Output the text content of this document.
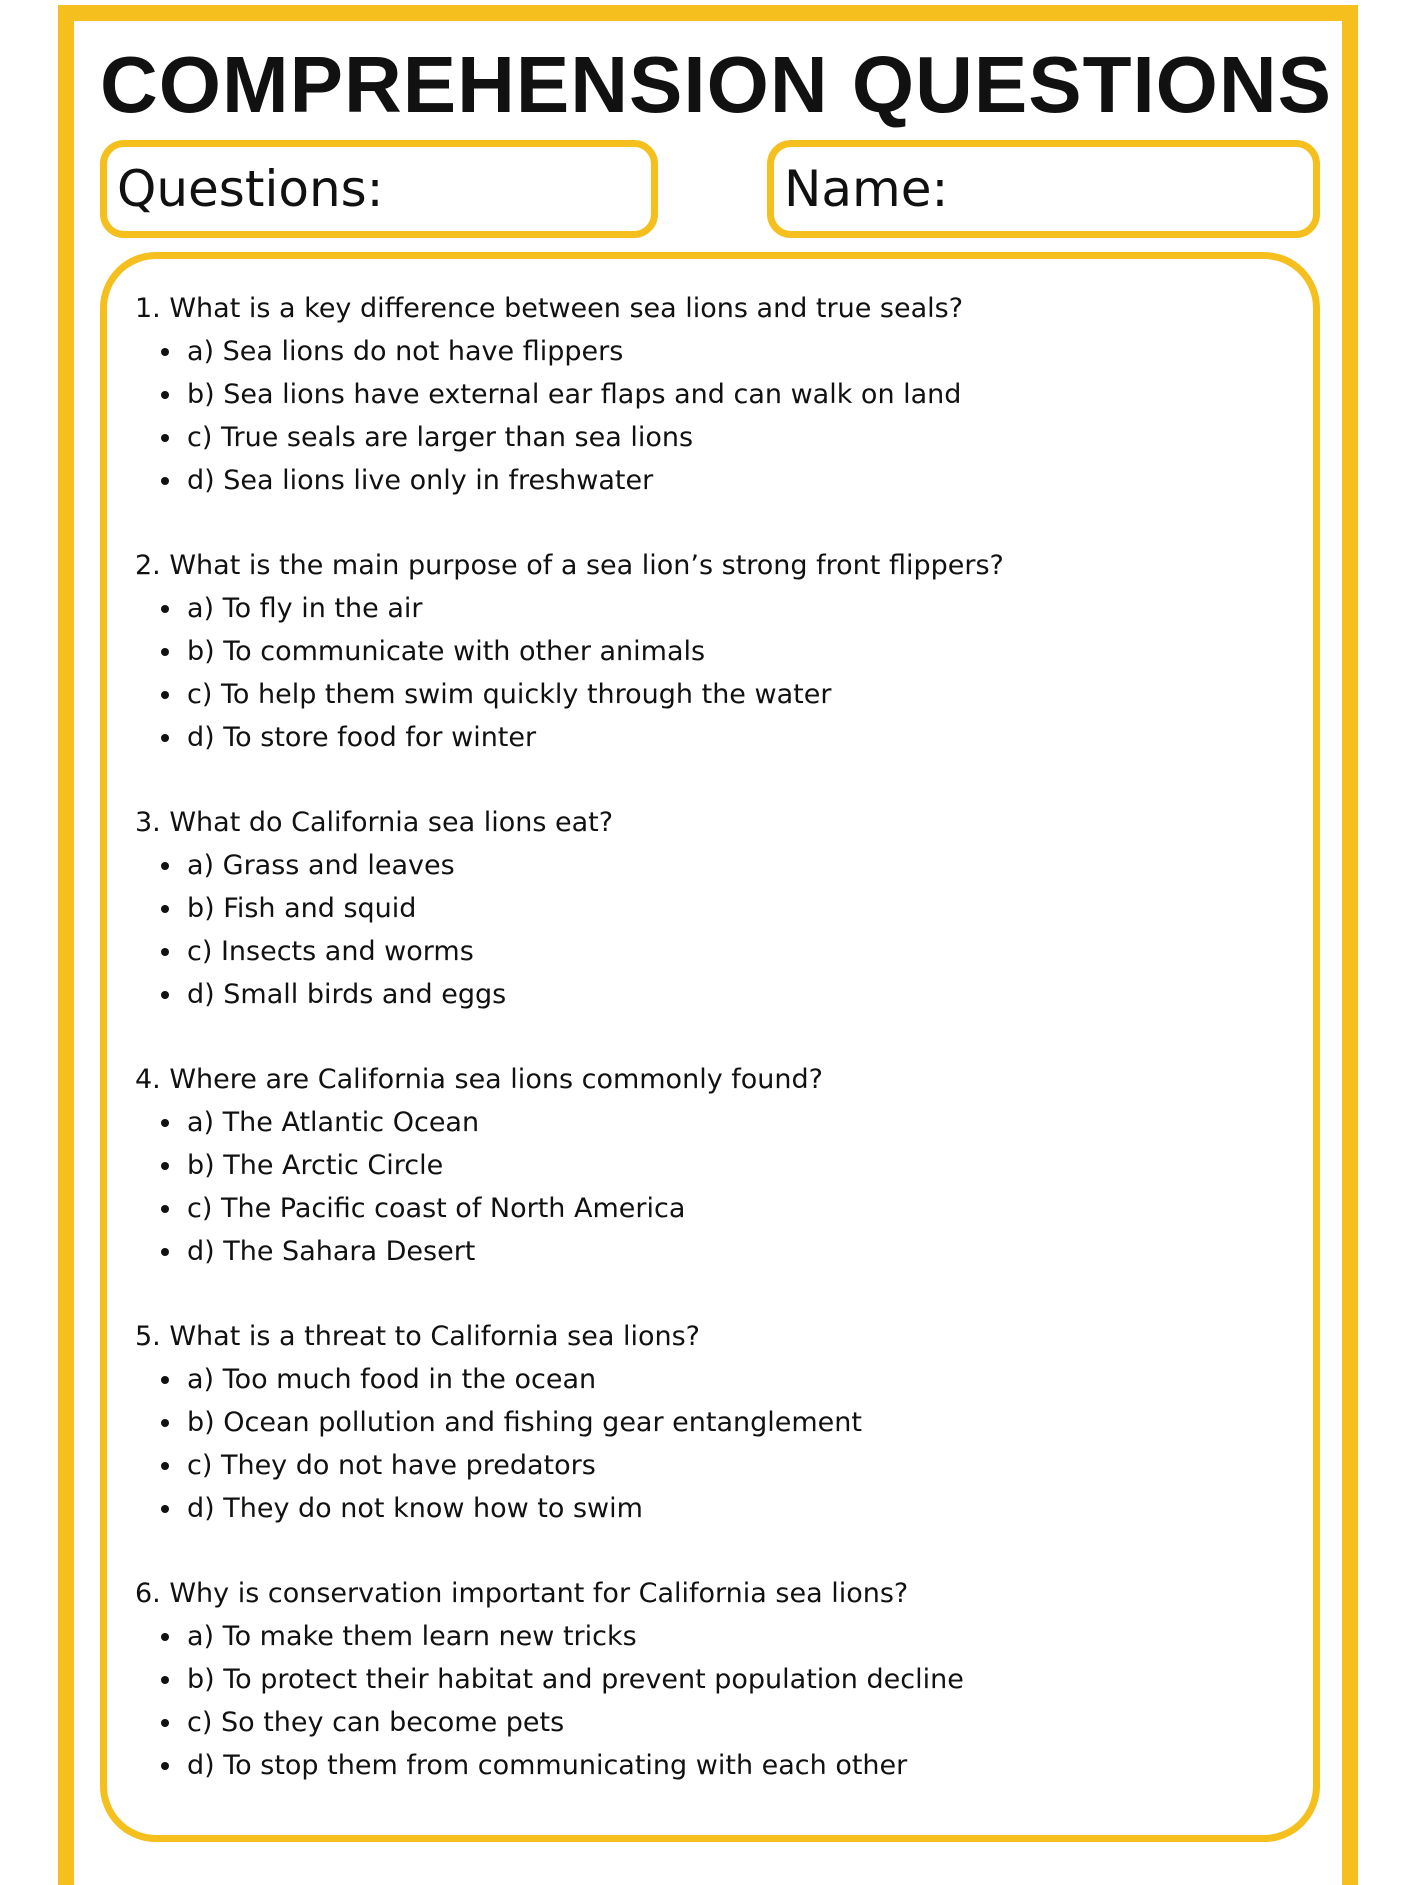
COMPREHENSION QUESTIONS
Questions:	Name:
1. What is a key difference between sea lions and true seals?
a) Sea lions do not have flippers
b) Sea lions have external ear flaps and can walk on land
c) True seals are larger than sea lions
d) Sea lions live only in freshwater
2. What is the main purpose of a sea lion’s strong front flippers?
a) To fly in the air
b) To communicate with other animals
c) To help them swim quickly through the water
d) To store food for winter
3. What do California sea lions eat?
a) Grass and leaves
b) Fish and squid
c) Insects and worms
d) Small birds and eggs
4. Where are California sea lions commonly found?
a) The Atlantic Ocean
b) The Arctic Circle
c) The Pacific coast of North America
d) The Sahara Desert
5. What is a threat to California sea lions?
a) Too much food in the ocean
b) Ocean pollution and fishing gear entanglement
c) They do not have predators
d) They do not know how to swim
6. Why is conservation important for California sea lions?
a) To make them learn new tricks
b) To protect their habitat and prevent population decline
c) So they can become pets
d) To stop them from communicating with each other
